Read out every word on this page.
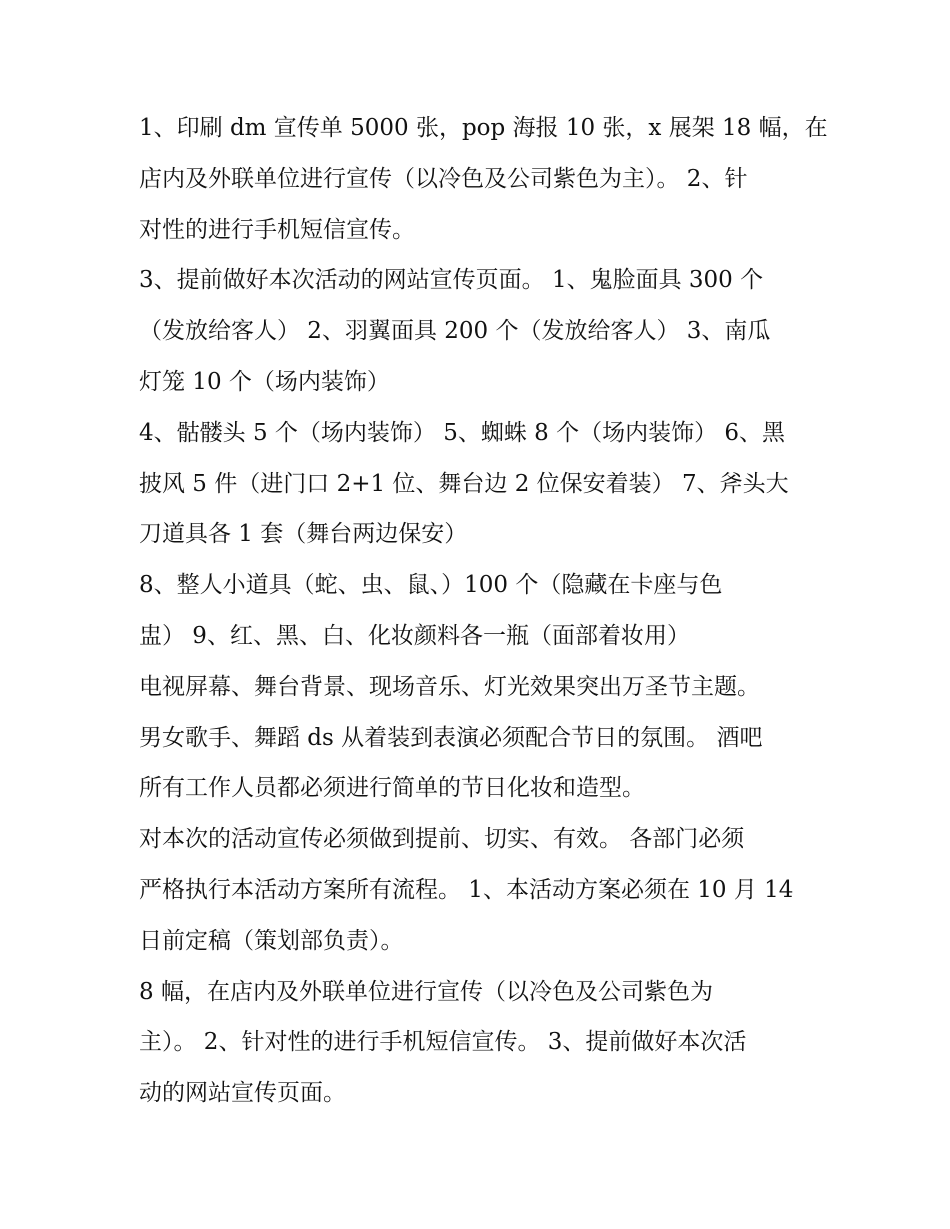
1、印刷 dm 宣传单 5000 张，pop 海报 10 张，x 展架 18 幅，在
店内及外联单位进行宣传（以冷色及公司紫色为主）。 2、针
对性的进行手机短信宣传。
3、提前做好本次活动的网站宣传页面。 1、鬼脸面具 300 个
（发放给客人） 2、羽翼面具 200 个（发放给客人） 3、南瓜
灯笼 10 个（场内装饰）
4、骷髅头 5 个（场内装饰） 5、蜘蛛 8 个（场内装饰） 6、黑
披风 5 件（进门口 2+1 位、舞台边 2 位保安着装） 7、斧头大
刀道具各 1 套（舞台两边保安）
8、整人小道具（蛇、虫、鼠、）100 个（隐藏在卡座与色
盅） 9、红、黑、白、化妆颜料各一瓶（面部着妆用）
电视屏幕、舞台背景、现场音乐、灯光效果突出万圣节主题。
男女歌手、舞蹈 ds 从着装到表演必须配合节日的氛围。 酒吧
所有工作人员都必须进行简单的节日化妆和造型。
对本次的活动宣传必须做到提前、切实、有效。 各部门必须
严格执行本活动方案所有流程。 1、本活动方案必须在 10 月 14
日前定稿（策划部负责）。
8 幅，在店内及外联单位进行宣传（以冷色及公司紫色为
主）。 2、针对性的进行手机短信宣传。 3、提前做好本次活
动的网站宣传页面。
